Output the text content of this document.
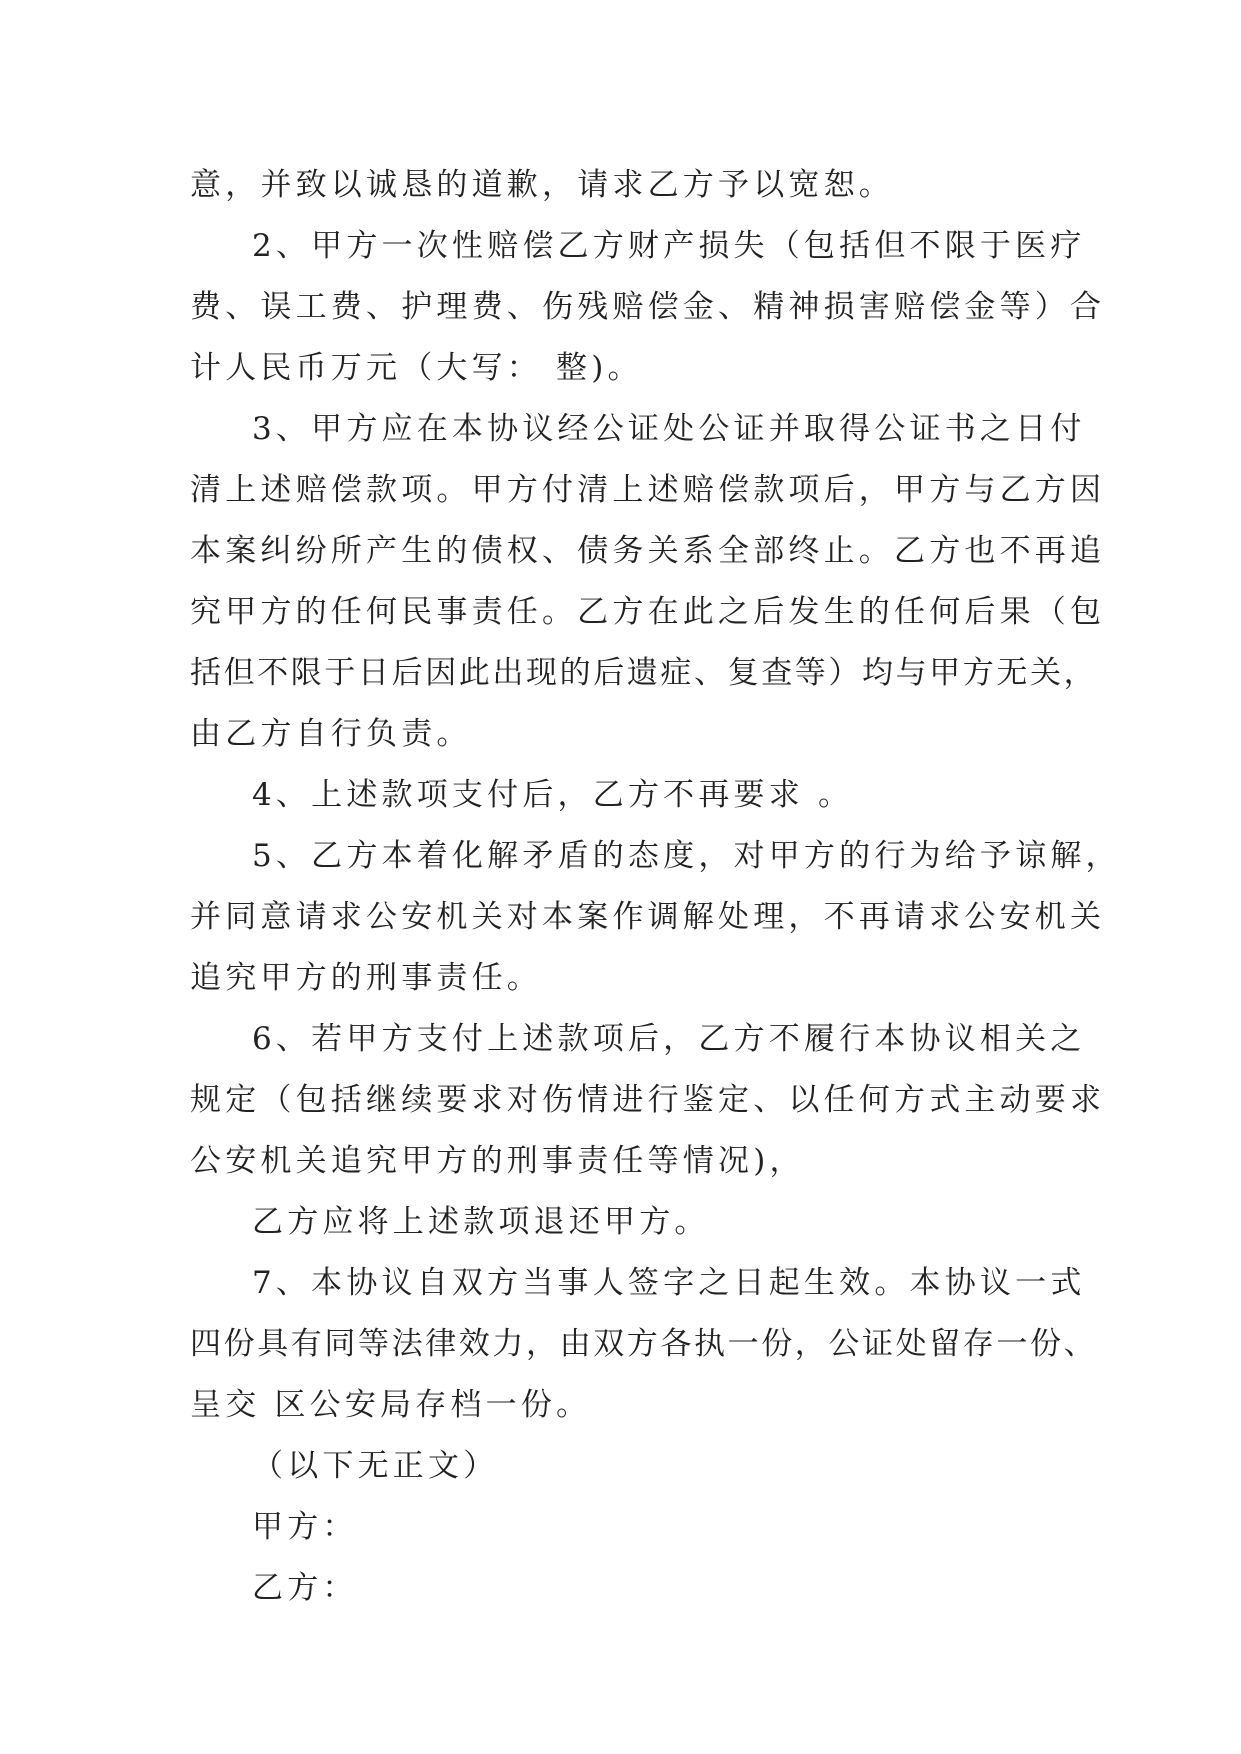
意，并致以诚恳的道歉，请求乙方予以宽恕。
2、甲方一次性赔偿乙方财产损失（包括但不限于医疗
费、误工费、护理费、伤残赔偿金、精神损害赔偿金等）合
计人民币万元（大写： 整)。
3、甲方应在本协议经公证处公证并取得公证书之日付
清上述赔偿款项。甲方付清上述赔偿款项后，甲方与乙方因
本案纠纷所产生的债权、债务关系全部终止。乙方也不再追
究甲方的任何民事责任。乙方在此之后发生的任何后果（包
括但不限于日后因此出现的后遗症、复查等）均与甲方无关，
由乙方自行负责。
4、上述款项支付后，乙方不再要求 。
5、乙方本着化解矛盾的态度，对甲方的行为给予谅解，
并同意请求公安机关对本案作调解处理，不再请求公安机关
追究甲方的刑事责任。
6、若甲方支付上述款项后，乙方不履行本协议相关之
规定（包括继续要求对伤情进行鉴定、以任何方式主动要求
公安机关追究甲方的刑事责任等情况)，
乙方应将上述款项退还甲方。
7、本协议自双方当事人签字之日起生效。本协议一式
四份具有同等法律效力，由双方各执一份，公证处留存一份、
呈交 区公安局存档一份。
（以下无正文）
甲方：
乙方：
